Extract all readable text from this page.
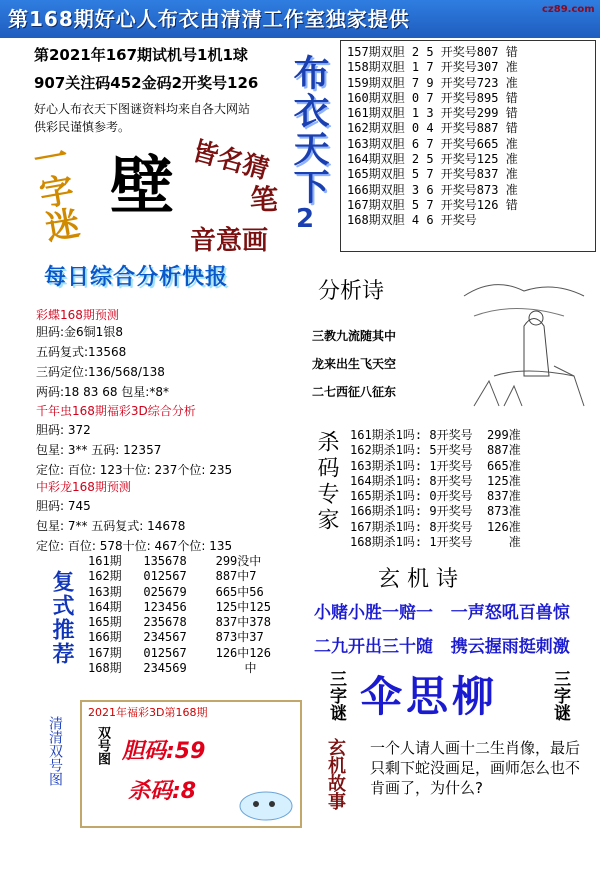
第168期好心人布衣由清清工作室独家提供
第2021年167期试机号1机1球
907关注码452金码2开奖号126
好心人布衣天下图谜资料均来自各大网站
供彩民谨慎参考。
一字迷 壁 皆名猜
笔
音意画
布衣天下
2
157期双胆 2 5 开奖号807 错
158期双胆 1 7 开奖号307 准
159期双胆 7 9 开奖号723 准
160期双胆 0 7 开奖号895 错
161期双胆 1 3 开奖号299 错
162期双胆 0 4 开奖号887 错
163期双胆 6 7 开奖号665 准
164期双胆 2 5 开奖号125 准
165期双胆 5 7 开奖号837 准
166期双胆 3 6 开奖号873 准
167期双胆 5 7 开奖号126 错
168期双胆 4 6 开奖号
每日综合分析快报
彩蝶168期预测
胆码:金6铜1银8
五码复式:13568
三码定位:136/568/138
两码:18 83 68 包星:*8*
千年虫168期福彩3D综合分析
胆码: 372
包星: 3** 五码: 12357
定位: 百位: 123十位: 237个位: 235
中彩龙168期预测
胆码: 745
包星: 7** 五码复式: 14678
定位: 百位: 578十位: 467个位: 135
分析诗
三教九流随其中
龙来出生飞天空
二七西征八征东
杀码专家 161期杀1吗: 8开奖号  299准
162期杀1吗: 5开奖号  887准
163期杀1吗: 1开奖号  665准
164期杀1吗: 8开奖号  125准
165期杀1吗: 0开奖号  837准
166期杀1吗: 9开奖号  873准
167期杀1吗: 8开奖号  126准
168期杀1吗: 1开奖号     准
复式推荐
161期   135678    299没中
162期   012567    887中7
163期   025679    665中56
164期   123456    125中125
165期   235678    837中378
166期   234567    873中37
167期   012567    126中126
168期   234569        中
玄 机 诗
小赌小胜一赔一   一声怒吼百兽惊
二九开出三十随   携云握雨挺刺激
三字谜 伞思柳	三字谜
玄机故事 一个人请人画十二生肖像，最后只剩下蛇没画足，画师怎么也不肯画了，为什么?
清清双号图
2021年福彩3D第168期
双号图 胆码:59
杀码:8
cz89.com
